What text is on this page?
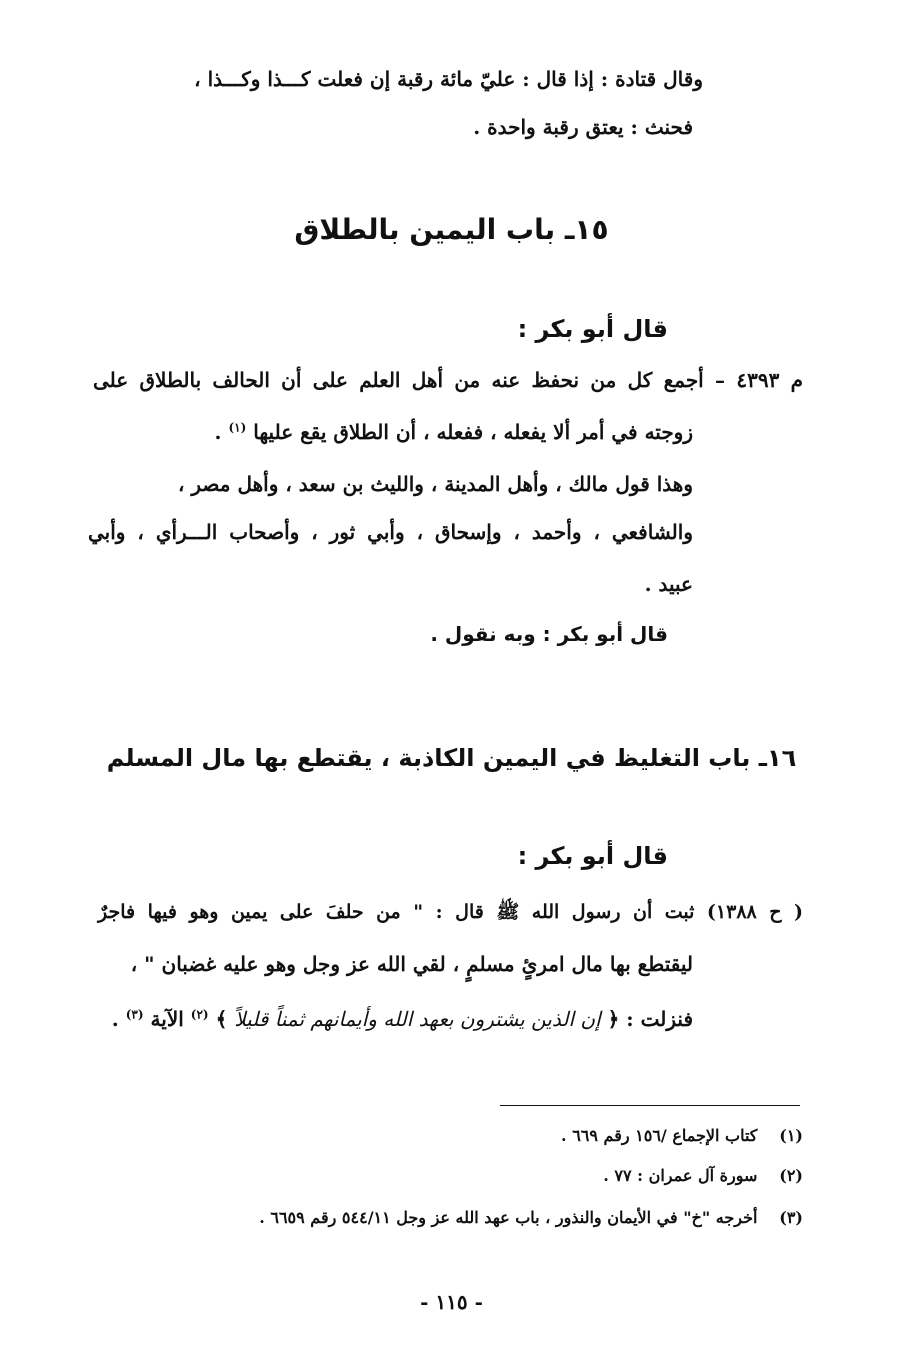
وقال قتادة : إذا قال : عليّ مائة رقبة إن فعلت كـــذا وكـــذا ،
فحنث : يعتق رقبة واحدة .
١٥ـ باب اليمين بالطلاق
قال أبو بكر :
م ٤٣٩٣ – أجمع كل من نحفظ عنه من أهل العلم على أن الحالف بالطلاق على
زوجته في أمر ألا يفعله ، ففعله ، أن الطلاق يقع عليها $^{(١)}$ .
وهذا قول مالك ، وأهل المدينة ، والليث بن سعد ، وأهل مصر ،
والشافعي ، وأحمد ، وإسحاق ، وأبي ثور ، وأصحاب الـــرأي ، وأبي
عبيد .
قال أبو بكر : وبه نقول .
١٦ـ باب التغليظ في اليمين الكاذبة ، يقتطع بها مال المسلم
قال أبو بكر :
( ح ١٣٨٨) ثبت أن رسول الله ﷺ قال : " من حلفَ على يمين وهو فيها فاجرٌ
ليقتطع بها مال امرئٍ مسلمٍ ، لقي الله عز وجل وهو عليه غضبان " ،
فنزلت : ﴿ إن الذين يشترون بعهد الله وأيمانهم ثمناً قليلاً ﴾ $^{(٢)}$ الآية $^{(٣)}$ .
(١) كتاب الإجماع /١٥٦ رقم ٦٦٩ .
(٢) سورة آل عمران : ٧٧ .
(٣) أخرجه "خ" في الأيمان والنذور ، باب عهد الله عز وجل ٥٤٤/١١ رقم ٦٦٥٩ .
- ١١٥ -
